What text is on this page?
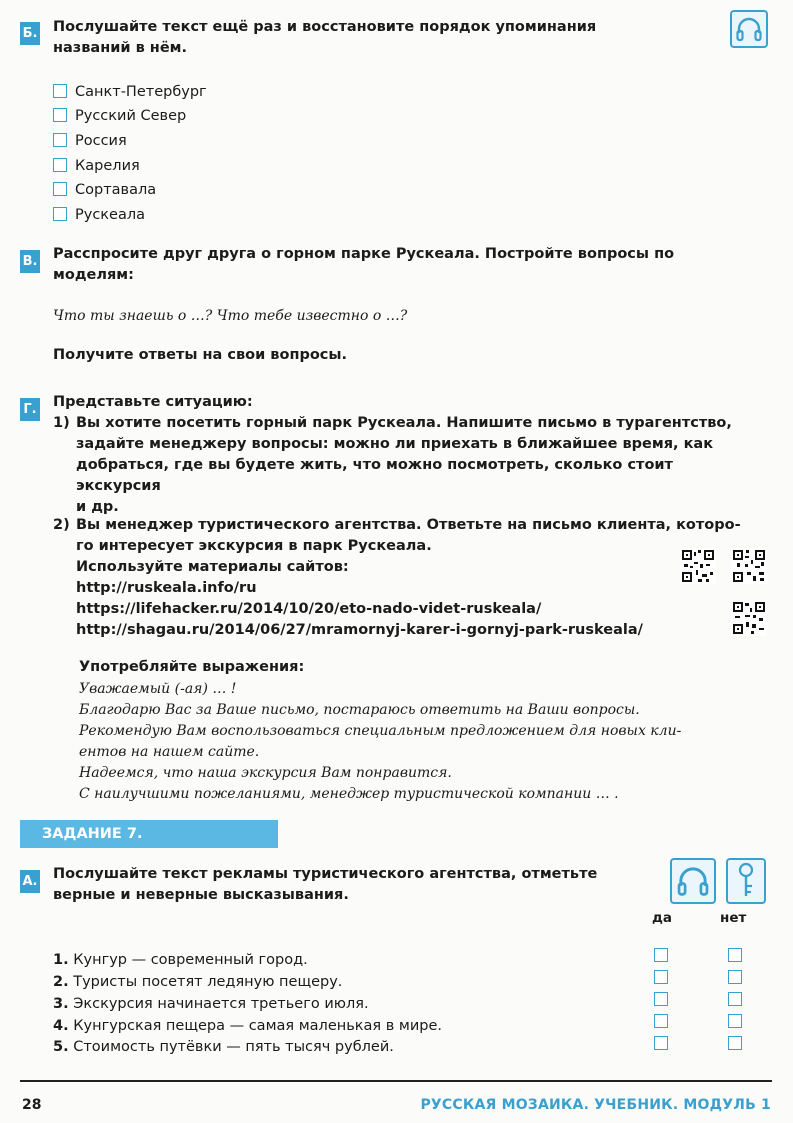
Б. Послушайте текст ещё раз и восстановите порядок упоминания
названий в нём.
Санкт-Петербург
Русский Север
Россия
Карелия
Сортавала
Рускеала
В. Расспросите друг друга о горном парке Рускеала. Постройте вопросы по
моделям:
Что ты знаешь о …? Что тебе известно о …?
Получите ответы на свои вопросы.
Г. Представьте ситуацию:
1) Вы хотите посетить горный парк Рускеала. Напишите письмо в турагентство,
задайте менеджеру вопросы: можно ли приехать в ближайшее время, как
добраться, где вы будете жить, что можно посмотреть, сколько стоит экскурсия
и др.
2) Вы менеджер туристического агентства. Ответьте на письмо клиента, которо-
го интересует экскурсия в парк Рускеала.
Используйте материалы сайтов:
http://ruskeala.info/ru
https://lifehacker.ru/2014/10/20/eto-nado-videt-ruskeala/
http://shagau.ru/2014/06/27/mramornyj-karer-i-gornyj-park-ruskeala/
Употребляйте выражения:
Уважаемый (-ая) … !
Благодарю Вас за Ваше письмо, постараюсь ответить на Ваши вопросы.
Рекомендую Вам воспользоваться специальным предложением для новых кли-
ентов на нашем сайте.
Надеемся, что наша экскурсия Вам понравится.
С наилучшими пожеланиями, менеджер туристической компании … .
ЗАДАНИЕ 7.
А. Послушайте текст рекламы туристического агентства, отметьте
верные и неверные высказывания.
да	нет
1. Кунгур — современный город.
2. Туристы посетят ледяную пещеру.
3. Экскурсия начинается третьего июля.
4. Кунгурская пещера — самая маленькая в мире.
5. Стоимость путёвки — пять тысяч рублей.
28	РУССКАЯ МОЗАИКА. УЧЕБНИК. МОДУЛЬ 1
